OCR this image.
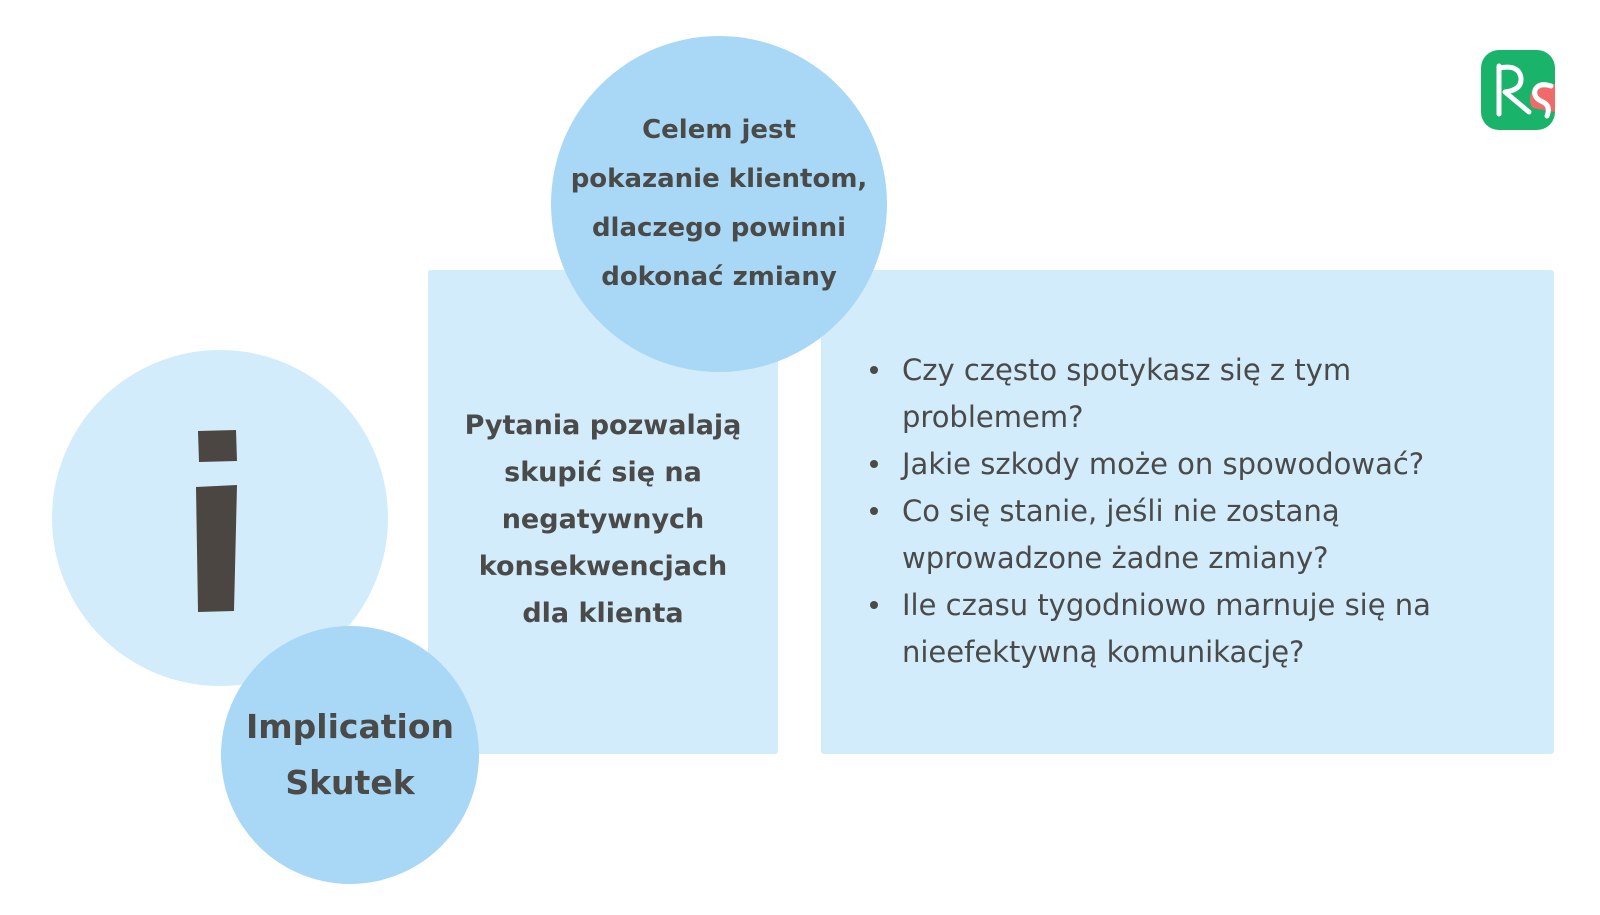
Pytania pozwalają
skupić się na
negatywnych
konsekwencjach
dla klienta
Czy często spotykasz się z tym
problemem?
Jakie szkody może on spowodować?
Co się stanie, jeśli nie zostaną
wprowadzone żadne zmiany?
Ile czasu tygodniowo marnuje się na
nieefektywną komunikację?
Celem jest
pokazanie klientom,
dlaczego powinni
dokonać zmiany
Implication
Skutek
